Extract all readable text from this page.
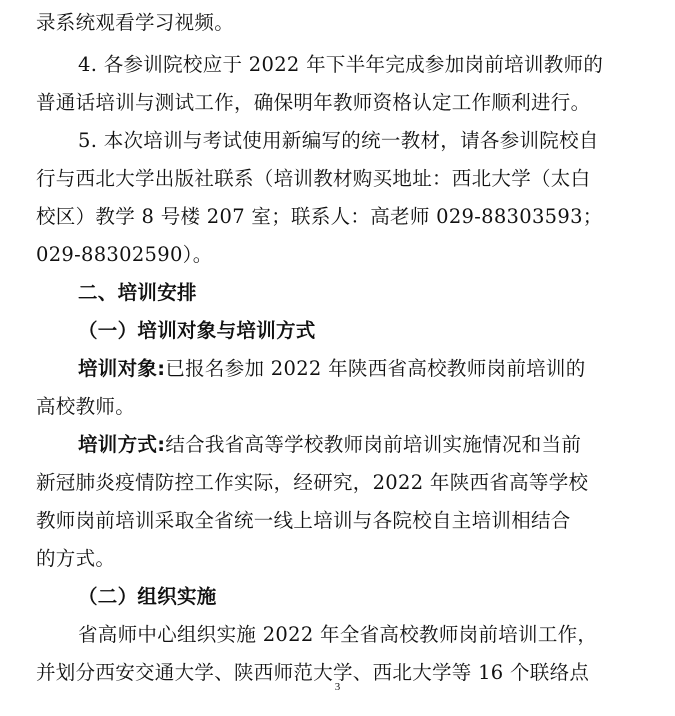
录系统观看学习视频。
4. 各参训院校应于 2022 年下半年完成参加岗前培训教师的
普通话培训与测试工作，确保明年教师资格认定工作顺利进行。
5. 本次培训与考试使用新编写的统一教材，请各参训院校自
行与西北大学出版社联系（培训教材购买地址：西北大学（太白
校区）教学 8 号楼 207 室；联系人：高老师 029-88303593；
029-88302590）。
二、培训安排
（一）培训对象与培训方式
培训对象:已报名参加 2022 年陕西省高校教师岗前培训的
高校教师。
培训方式:结合我省高等学校教师岗前培训实施情况和当前
新冠肺炎疫情防控工作实际，经研究，2022 年陕西省高等学校
教师岗前培训采取全省统一线上培训与各院校自主培训相结合
的方式。
（二）组织实施
省高师中心组织实施 2022 年全省高校教师岗前培训工作，
并划分西安交通大学、陕西师范大学、西北大学等 16 个联络点
3
